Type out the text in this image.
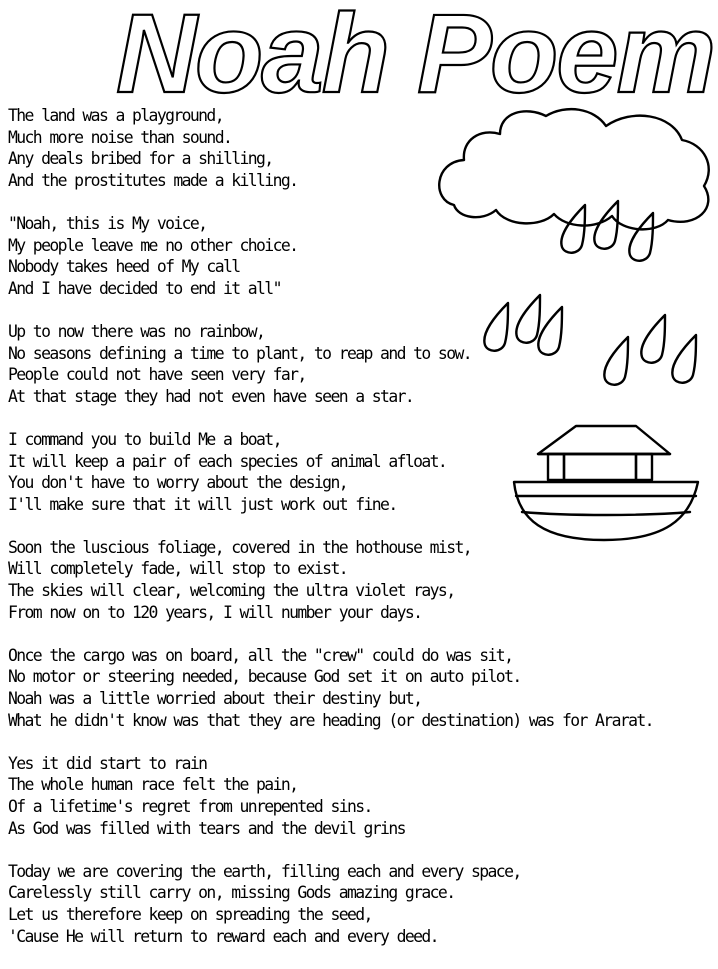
Noah Poem
The land was a playground,
Much more noise than sound.
Any deals bribed for a shilling,
And the prostitutes made a killing.
"Noah, this is My voice,
My people leave me no other choice.
Nobody takes heed of My call
And I have decided to end it all"
Up to now there was no rainbow,
No seasons defining a time to plant, to reap and to sow.
People could not have seen very far,
At that stage they had not even have seen a star.
I command you to build Me a boat,
It will keep a pair of each species of animal afloat.
You don't have to worry about the design,
I'll make sure that it will just work out fine.
Soon the luscious foliage, covered in the hothouse mist,
Will completely fade, will stop to exist.
The skies will clear, welcoming the ultra violet rays,
From now on to 120 years, I will number your days.
Once the cargo was on board, all the "crew" could do was sit,
No motor or steering needed, because God set it on auto pilot.
Noah was a little worried about their destiny but,
What he didn't know was that they are heading (or destination) was for Ararat.
Yes it did start to rain
The whole human race felt the pain,
Of a lifetime's regret from unrepented sins.
As God was filled with tears and the devil grins
Today we are covering the earth, filling each and every space,
Carelessly still carry on, missing Gods amazing grace.
Let us therefore keep on spreading the seed,
'Cause He will return to reward each and every deed.
